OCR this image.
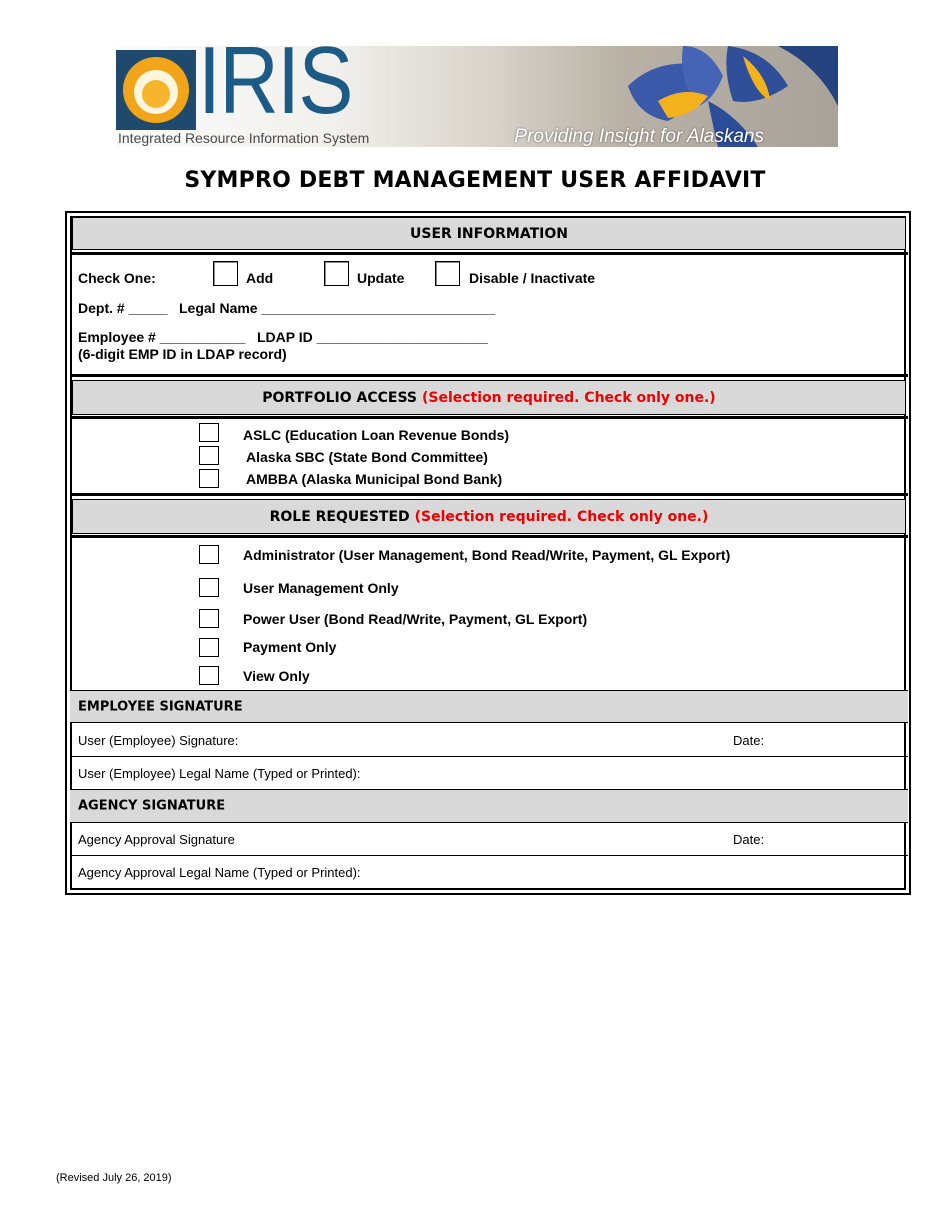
IRIS
Integrated Resource Information System	Providing Insight for Alaskans
SYMPRO DEBT MANAGEMENT USER AFFIDAVIT
USER INFORMATION
Check One:	Add	Update	Disable / Inactivate
Dept. # _____ Legal Name ______________________________
Employee # ___________ LDAP ID ______________________
(6-digit EMP ID in LDAP record)
PORTFOLIO ACCESS (Selection required. Check only one.)
ASLC (Education Loan Revenue Bonds)
Alaska SBC (State Bond Committee)
AMBBA (Alaska Municipal Bond Bank)
ROLE REQUESTED (Selection required. Check only one.)
Administrator (User Management, Bond Read/Write, Payment, GL Export)
User Management Only
Power User (Bond Read/Write, Payment, GL Export)
Payment Only
View Only
EMPLOYEE SIGNATURE
User (Employee) Signature:	Date:
User (Employee) Legal Name (Typed or Printed):
AGENCY SIGNATURE
Agency Approval Signature	Date:
Agency Approval Legal Name (Typed or Printed):
(Revised July 26, 2019)
